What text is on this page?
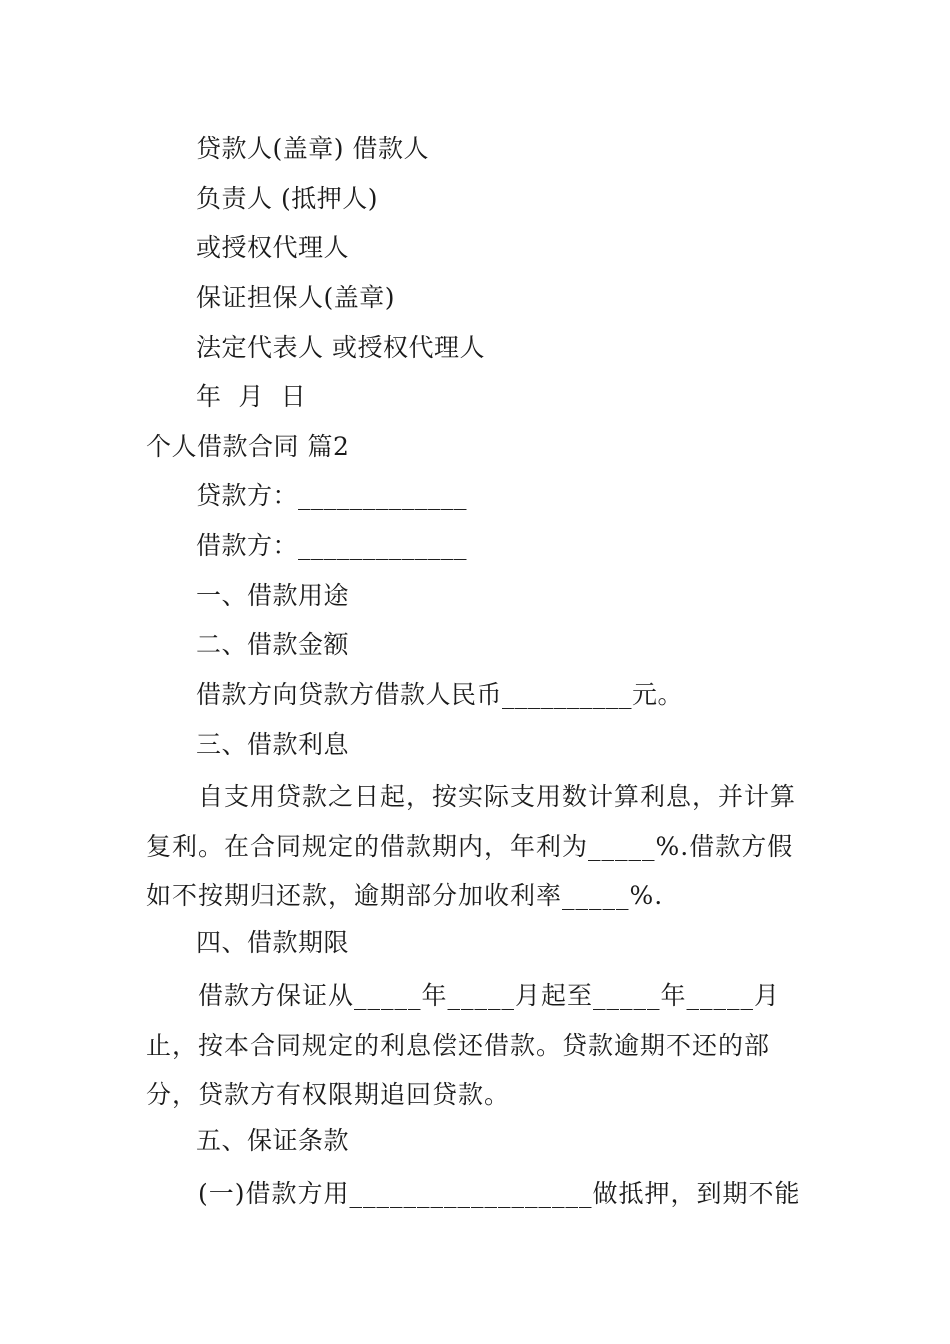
贷款人(盖章) 借款人
负责人 (抵押人)
或授权代理人
保证担保人(盖章)
法定代表人 或授权代理人
年  月  日
个人借款合同 篇2
贷款方：_____________
借款方：_____________
一、借款用途
二、借款金额
借款方向贷款方借款人民币__________元。
三、借款利息

自支用贷款之日起，按实际支用数计算利息，并计算复利。在合同规定的借款期内，年利为_____%.借款方假如不按期归还款，逾期部分加收利率_____%.

四、借款期限

借款方保证从_____年_____月起至_____年_____月止，按本合同规定的利息偿还借款。贷款逾期不还的部分，贷款方有权限期追回贷款。

五、保证条款

(一)借款方用__________________做抵押，到期不能
